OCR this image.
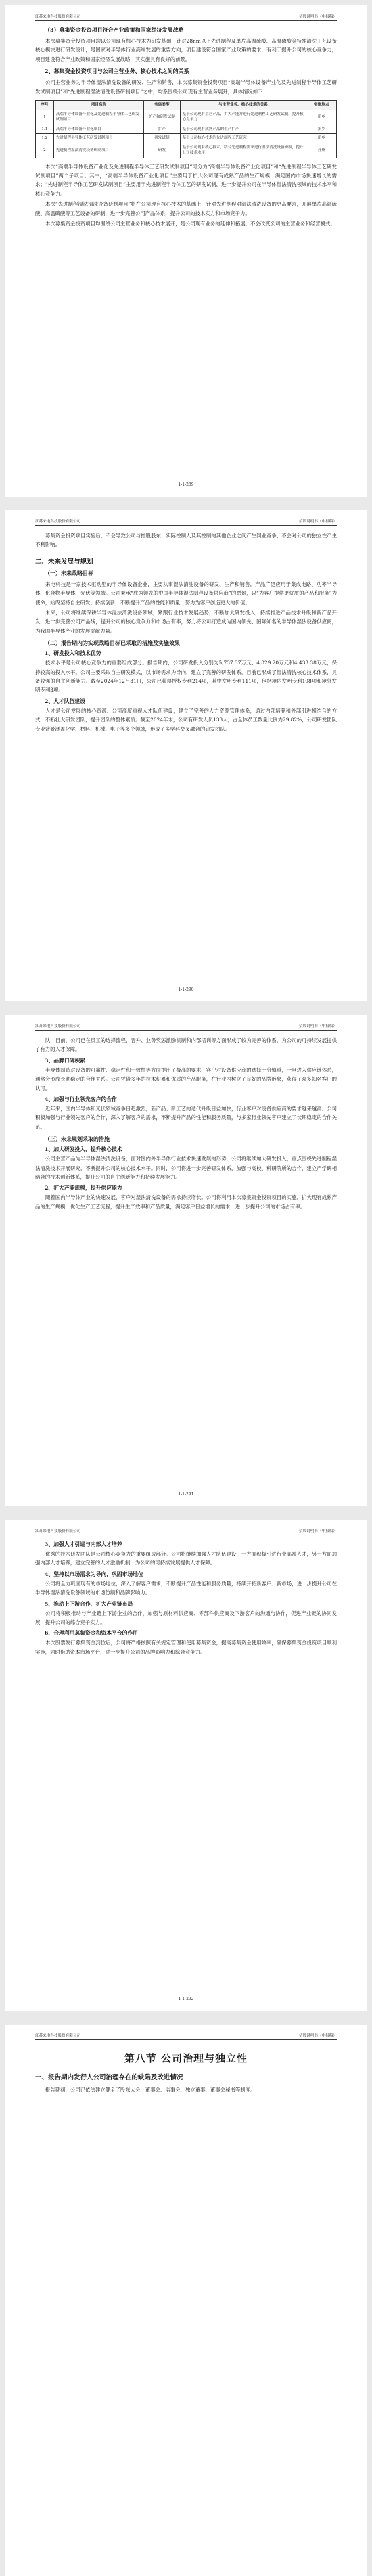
江苏来电科技股份有限公司	招股说明书（申报稿）
（3）募集资金投资项目符合产业政策和国家经济发展战略

本次募集资金投资项目均以公司现有核心技术为研发基础，针对28nm以下先进制程及单片高温硫酸、高温磷酸等特殊清洗工艺设备核心模块进行研发设计，是国家对半导体行业高端发展的重要方向，项目建设符合国家产业政策的要求，有利于提升公司的核心竞争力，项目建设符合产业政策和国家经济发展战略，其实施具有良好的前景。

2、募集资金投资项目与公司主营业务、核心技术之间的关系

公司主营业务为半导体湿法清洗设备的研发、生产和销售，本次募集资金投资项目“高端半导体设备产业化及先进制程半导体工艺研发试制项目”和“先进制程湿法清洗设备研制项目”之中，均系围绕公司现有主营业务展开，具体情况如下：

序号	项目名称	实施类型	与主营业务、核心技术的关系	实施地点
1	高端半导体设备产业化及先进制程半导体工艺研发试制项目	扩产和研发试制	基于公司现有主营产品，扩大产能并进行先进制程工艺研发试制，提升核心竞争力	新乡
1.1	高端半导体设备产业化项目	扩产	基于公司现有成熟产品的生产扩产	新乡
1.2	先进制程半导体工艺研发试制项目	研发试制	基于公司核心技术的先进制程工艺研究	新乡
2	先进制程湿法清洗设备研制项目	研发	基于公司现有核心技术，结合先进制程需求进行湿法清洗设备研制，提升公司技术水平	苏州

本次“高端半导体设备产业化及先进制程半导体工艺研发试制项目”可分为“高端半导体设备产业化项目”和“先进制程半导体工艺研发试制项目”两个子项目。其中，“高端半导体设备产业化项目”主要用于扩大公司现有成熟产品的生产规模，满足国内市场快速增长的需求；“先进制程半导体工艺研发试制项目”主要用于先进制程半导体工艺的研发试制，进一步提升公司在半导体湿法清洗领域的技术水平和核心竞争力。

本次“先进制程湿法清洗设备研制项目”将在公司现有核心技术的基础上，针对先进制程对湿法清洗设备的更高要求，开展单片高温硫酸、高温磷酸等工艺设备的研制，进一步完善公司产品体系，提升公司的技术实力和市场竞争力。

本次募集资金投资项目均围绕公司主营业务和核心技术展开，是公司现有业务的延伸和拓展，不会改变公司的主营业务和经营模式。

1-1-289
江苏来电科技股份有限公司	招股说明书（申报稿）

募集资金投资项目实施后，不会导致公司与控股股东、实际控制人及其控制的其他企业之间产生同业竞争，不会对公司的独立性产生不利影响。

二、未来发展与规划
（一）未来战略目标

来电科技是一家技术驱动型的半导体设备企业，主要从事湿法清洗设备的研发、生产和销售，产品广泛应用于集成电路、功率半导体、化合物半导体、光伏等领域。公司秉承“成为领先的中国半导体湿法制程设备供应商”的愿景，以“为客户提供更优质的产品和服务”为使命，始终坚持自主研发、持续创新，不断提升产品的性能和质量，努力为客户创造更大的价值。

未来，公司将继续深耕半导体湿法清洗设备领域，紧跟行业技术发展趋势，不断加大研发投入，持续推进产品技术升级和新产品开发，进一步完善公司产品线，提升公司的核心竞争力和市场占有率，努力将公司打造成为国内领先、国际知名的半导体湿法设备供应商，为我国半导体产业的发展贡献力量。

（二）报告期内为实现战略目标已采取的措施及实施效果
1、研发投入和技术优势

技术水平是公司核心竞争力的重要组成部分。报告期内，公司研发投入分别为5,737.37万元、4,829.20万元和4,433.38万元，保持较高的投入水平。公司主要采取自主研发模式，以市场需求为导向，建立了完善的研发体系，目前已形成了湿法清洗核心技术体系，具备较强的自主创新能力。截至2024年12月31日，公司已获得授权专利214项，其中发明专利111项，包括境内发明专利108项和境外发明专利3项。

2、人才队伍建设

人才是公司发展的核心资源。公司高度重视人才队伍建设，建立了完善的人力资源管理体系，通过内部培养和外部引进相结合的方式，不断壮大研发团队，提升团队的整体素质。截至2024年末，公司有研发人员133人，占全体员工数量比例为29.82%，公司研发团队专业背景涵盖化学、材料、机械、电子等多个领域，形成了多学科交叉融合的研发团队。

1-1-290
江苏来电科技股份有限公司	招股说明书（申报稿）

队，目前，公司已在员工的选择流程、晋升、业务奖惩激励机制和内部培训等方面形成了较为完善的体系，为公司的可持续发展提供了有力的人才保障。

3、品牌口碑积累

半导体制造对设备的可靠性、稳定性和一致性等方面提出了极高的要求，客户对设备供应商的选择十分慎重，一旦进入供应链体系，通常会形成长期稳定的合作关系。公司凭借多年的技术积累和优质的产品服务，在行业内树立了良好的品牌形象，获得了众多知名客户的认可。

4、加强与行业领先客户的合作

近年来，国内半导体和光伏领域竞争日趋激烈，新产品、新工艺的迭代升级日益加快，行业客户对设备供应商的要求越来越高。公司积极加强与行业领先客户的合作，深入了解客户的需求，不断提升产品的性能和服务质量，与多家行业领先客户建立了长期稳定的合作关系。

（三）未来规划采取的措施
1、加大研发投入，提升核心技术

公司主营产品为半导体湿法清洗设备，面对国内外半导体行业技术快速发展的形势，公司将继续加大研发投入，重点围绕先进制程湿法清洗技术开展研究，不断提升公司的核心技术水平。同时，公司将进一步完善研发体系，加强与高校、科研院所的合作，建立产学研相结合的技术创新体系，提升公司的自主创新能力和持续发展能力。

2、扩大产能规模，提升供应能力

随着国内半导体产业的快速发展，客户对湿法清洗设备的需求持续增长。公司将利用本次募集资金投资项目的实施，扩大现有成熟产品的生产规模，优化生产工艺流程，提升生产效率和产品质量，满足客户日益增长的需求，进一步提升公司的市场占有率。

1-1-291
江苏来电科技股份有限公司	招股说明书（申报稿）
3、加强人才引进与内部人才培养

优秀的技术研发团队是公司核心竞争力的重要组成部分。公司将继续加强人才队伍建设，一方面积极引进行业高端人才，另一方面加强内部人才培养，建立完善的人才激励机制，为公司的可持续发展提供人才保障。

4、坚持以市场需求为导向，巩固市场地位

公司将全力巩固现有的市场地位，深入了解客户需求，不断提升产品性能和服务质量，持续开拓新客户、新市场，进一步提升公司在半导体湿法清洗设备领域的市场份额和品牌影响力。

5、推动上下游合作，扩大产业链布局

公司将积极推动与产业链上下游企业的合作，加强与原材料供应商、零部件供应商及下游客户的沟通与协作，促进产业链的协同发展，提升公司的综合竞争实力。

6、合理利用募集资金和资本平台的作用

本次股票发行募集资金到位后，公司将严格按照有关规定管理和使用募集资金，提高募集资金使用效率，确保募集资金投资项目顺利实施，同时借助资本市场平台，进一步提升公司的品牌影响力和综合竞争力。

1-1-292
江苏来电科技股份有限公司	招股说明书（申报稿）
第八节 公司治理与独立性
一、报告期内发行人公司治理存在的缺陷及改进情况

报告期初，公司已依法建立健全了股东大会、董事会、监事会、独立董事、董事会秘书等制度。
